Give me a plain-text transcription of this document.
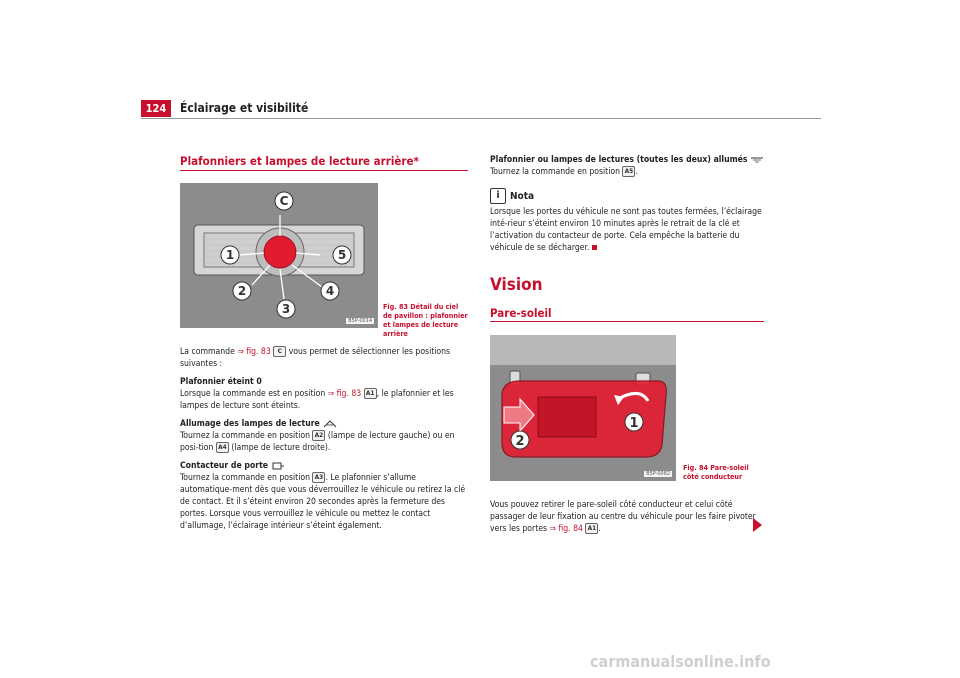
124	Éclairage et visibilité
Plafonniers et lampes de lecture arrière*
C
1	5
2	4
3
B5P-0014
Fig. 83 Détail du ciel de pavillon : plafonnier et lampes de lecture arrière

La commande ⇒ fig. 83 C vous permet de sélectionner les positions suivantes :

Plafonnier éteint 0

Lorsque la commande est en position ⇒ fig. 83 A1 , le plafonnier et les lampes de lecture sont éteints.

Allumage des lampes de lecture

Tournez la commande en position A2 (lampe de lecture gauche) ou en posi-tion A4 (lampe de lecture droite).

Contacteur de porte

Tournez la commande en position A3 . Le plafonnier s’allume automatique-ment dès que vous déverrouillez le véhicule ou retirez la clé de contact. Et il s’éteint environ 20 secondes après la fermeture des portes. Lorsque vous verrouillez le véhicule ou mettez le contact d’allumage, l’éclairage intérieur s’éteint également.

Plafonnier ou lampes de lectures (toutes les deux) allumés

Tournez la commande en position A5 .

i Nota

Lorsque les portes du véhicule ne sont pas toutes fermées, l’éclairage inté-rieur s’éteint environ 10 minutes après le retrait de la clé et l’activation du contacteur de porte. Cela empêche la batterie du véhicule de se décharger.

Vision
Pare-soleil
1
2
B5P-0082
Fig. 84 Pare-soleil côté conducteur

Vous pouvez retirer le pare-soleil côté conducteur et celui côté passager de leur fixation au centre du véhicule pour les faire pivoter vers les portes ⇒ fig. 84 A1 .

carmanualsonline.info
